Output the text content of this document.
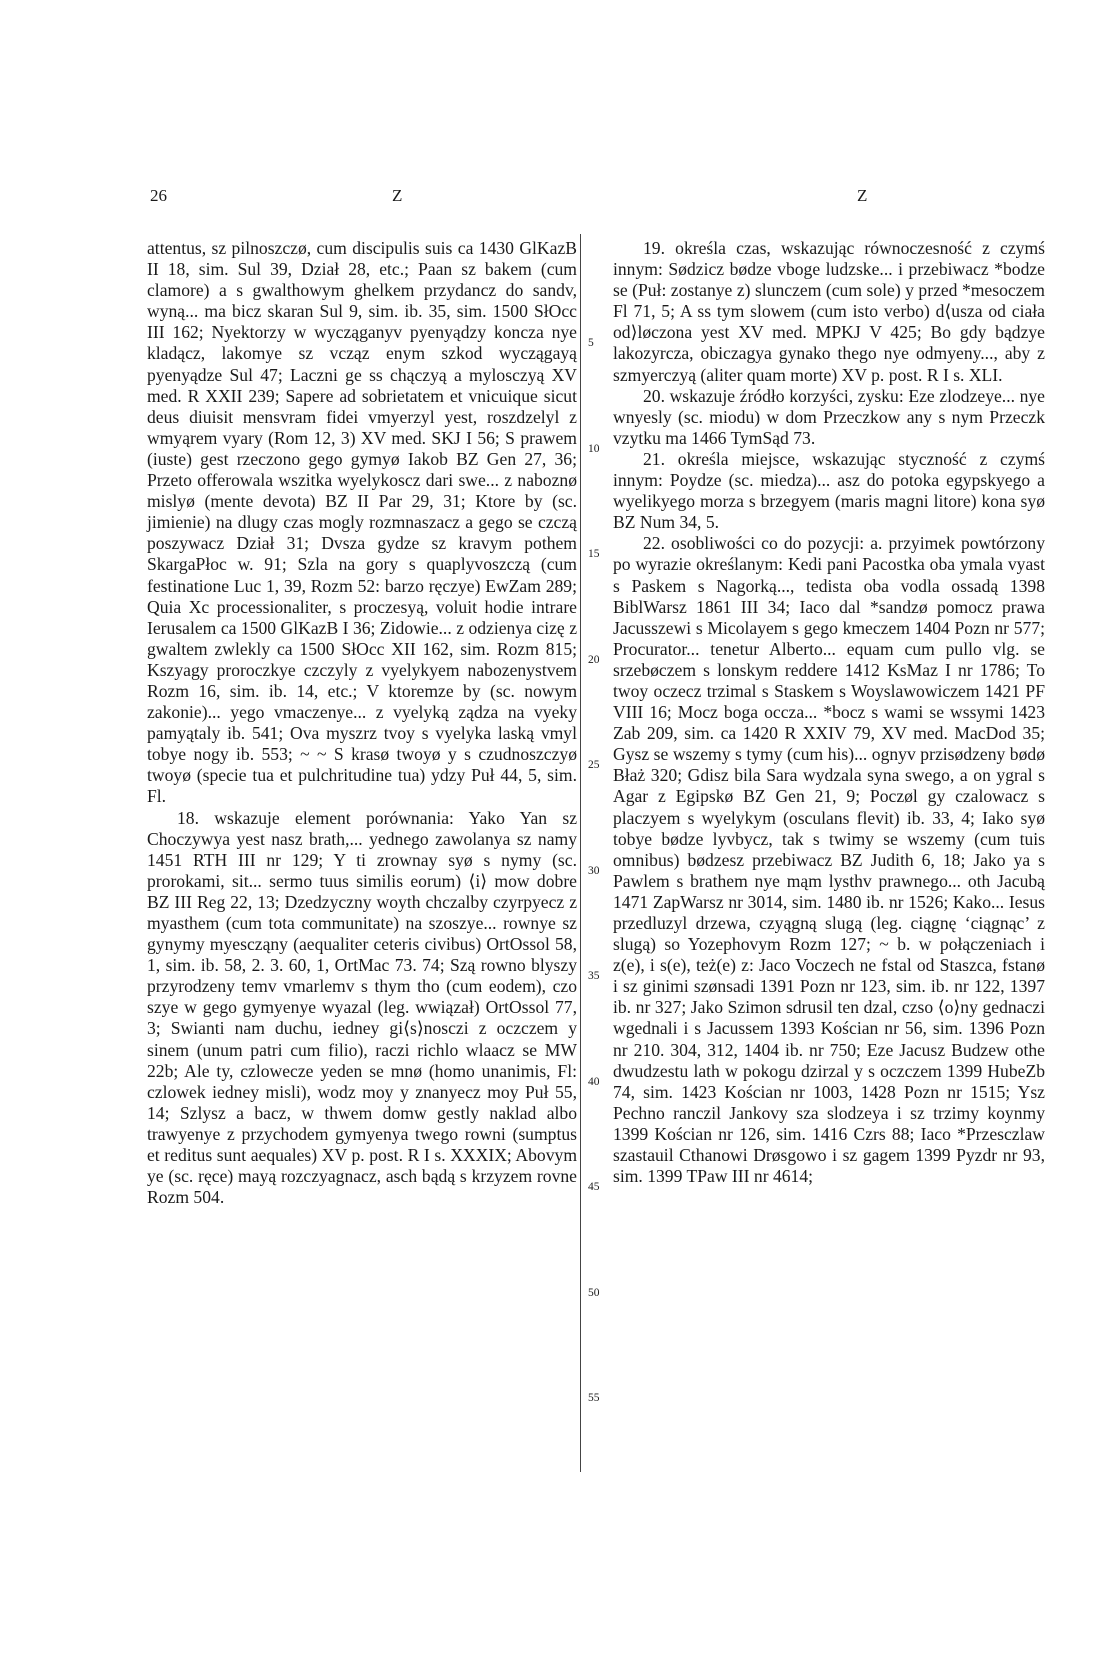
26	Z	Z

attentus, sz pilnoszczø, cum discipulis suis ca 1430 GlKazB II 18, sim. Sul 39, Dział 28, etc.; Paan sz bakem (cum clamore) a s gwalthowym ghelkem przydancz do sandv, wyną... ma bicz skaran Sul 9, sim. ib. 35, sim. 1500 SłOcc III 162; Nyektorzy w wycząganyv pyenyądzy koncza nye kladącz, lakomye sz vcząz enym szkod wyczągayą pyenyądze Sul 47; Laczni ge ss chączyą a mylosczyą XV med. R XXII 239; Sapere ad sobrietatem et vnicuique sicut deus diuisit mensvram fidei vmyerzyl yest, roszdzelyl z wmyąrem vyary (Rom 12, 3) XV med. SKJ I 56; S prawem (iuste) gest rzeczono gego gymyø Iakob BZ Gen 27, 36; Przeto offerowala wszitka wyelykoscz dari swe... z naboznø mislyø (mente devota) BZ II Par 29, 31; Ktore by (sc. jimienie) na dlugy czas mogly rozmnaszacz a gego se czczą poszywacz Dział 31; Dvsza gydze sz kravym pothem SkargaPłoc w. 91; Szla na gory s quaplyvoszczą (cum festinatione Luc 1, 39, Rozm 52: barzo ręczye) EwZam 289; Quia Xc processionaliter, s proczesyą, voluit hodie intrare Ierusalem ca 1500 GlKazB I 36; Zidowie... z odzienya cizę z gwaltem zwlekly ca 1500 SłOcc XII 162, sim. Rozm 815; Kszyagy proroczkye czczyly z vyelykyem nabozenystvem Rozm 16, sim. ib. 14, etc.; V ktoremze by (sc. nowym zakonie)... yego vmaczenye... z vyelyką ządza na vyeky pamyątaly ib. 541; Ova myszrz tvoy s vyelyka laską vmyl tobye nogy ib. 553; ~ ~ S krasø twoyø y s czudnoszczyø twoyø (specie tua et pulchritudine tua) ydzy Puł 44, 5, sim. Fl.

18. wskazuje element porównania: Yako Yan sz Choczywya yest nasz brath,... yednego zawolanya sz namy 1451 RTH III nr 129; Y ti zrownay syø s nymy (sc. prorokami, sit... sermo tuus similis eorum) ⟨i⟩ mow dobre BZ III Reg 22, 13; Dzedzyczny woyth chczalby czyrpyecz z myasthem (cum tota communitate) na szoszye... rownye sz gynymy myescząny (aequaliter ceteris civibus) OrtOssol 58, 1, sim. ib. 58, 2. 3. 60, 1, OrtMac 73. 74; Szą rowno blyszy przyrodzeny temv vmarlemv s thym tho (cum eodem), czo szye w gego gymyenye wyazal (leg. wwiązał) OrtOssol 77, 3; Swianti nam duchu, iedney gi⟨s⟩nosczi z oczczem y sinem (unum patri cum filio), raczi richlo wlaacz se MW 22b; Ale ty, czlowecze yeden se mnø (homo unanimis, Fl: czlowek iedney misli), wodz moy y znanyecz moy Puł 55, 14; Szlysz a bacz, w thwem domw gestly naklad albo trawyenye z przychodem gymyenya twego rowni (sumptus et reditus sunt aequales) XV p. post. R I s. XXXIX; Abovym ye (sc. ręce) mayą rozczyagnacz, asch bądą s krzyzem rovne Rozm 504.

5
10
15
20
25
30
35
40
45
50
55

19. określa czas, wskazując równoczesność z czymś innym: Sødzicz bødze vboge ludzske... i przebiwacz *bodze se (Puł: zostanye z) slunczem (cum sole) y przed *mesoczem Fl 71, 5; A ss tym slowem (cum isto verbo) d⟨usza od ciała od⟩løczona yest XV med. MPKJ V 425; Bo gdy bądzye lakozyrcza, obiczagya gynako thego nye odmyeny..., aby z szmyerczyą (aliter quam morte) XV p. post. R I s. XLI.

20. wskazuje źródło korzyści, zysku: Eze zlodzeye... nye wnyesly (sc. miodu) w dom Przeczkow any s nym Przeczk vzytku ma 1466 TymSąd 73.

21. określa miejsce, wskazując styczność z czymś innym: Poydze (sc. miedza)... asz do potoka egypskyego a wyelikyego morza s brzegyem (maris magni litore) kona syø BZ Num 34, 5.

22. osobliwości co do pozycji: a. przyimek powtórzony po wyrazie określanym: Kedi pani Pacostka oba ymala vyast s Paskem s Nagorką..., tedista oba vodla ossadą 1398 BiblWarsz 1861 III 34; Iaco dal *sandzø pomocz prawa Jacusszewi s Micolayem s gego kmeczem 1404 Pozn nr 577; Procurator... tenetur Alberto... equam cum pullo vlg. se srzebøczem s lonskym reddere 1412 KsMaz I nr 1786; To twoy oczecz trzimal s Staskem s Woyslawowiczem 1421 PF VIII 16; Mocz boga occza... *bocz s wami se wssymi 1423 Zab 209, sim. ca 1420 R XXIV 79, XV med. MacDod 35; Gysz se wszemy s tymy (cum his)... ognyv przisødzeny bødø Błaż 320; Gdisz bila Sara wydzala syna swego, a on ygral s Agar z Egipskø BZ Gen 21, 9; Poczøl gy czalowacz s placzyem s wyelykym (osculans flevit) ib. 33, 4; Iako syø tobye bødze lyvbycz, tak s twimy se wszemy (cum tuis omnibus) bødzesz przebiwacz BZ Judith 6, 18; Jako ya s Pawlem s brathem nye mąm lysthv prawnego... oth Jacubą 1471 ZapWarsz nr 3014, sim. 1480 ib. nr 1526; Kako... Iesus przedluzyl drzewa, czyągną slugą (leg. ciągnę ‘ciągnąc’ z slugą) so Yozephovym Rozm 127; ~ b. w połączeniach i z(e), i s(e), też(e) z: Jaco Voczech ne fstal od Staszca, fstanø i sz ginimi szønsadi 1391 Pozn nr 123, sim. ib. nr 122, 1397 ib. nr 327; Jako Szimon sdrusil ten dzal, czso ⟨o⟩ny gednaczi wgednali i s Jacussem 1393 Kościan nr 56, sim. 1396 Pozn nr 210. 304, 312, 1404 ib. nr 750; Eze Jacusz Budzew othe dwudzestu lath w pokogu dzirzal y s oczczem 1399 HubeZb 74, sim. 1423 Kościan nr 1003, 1428 Pozn nr 1515; Ysz Pechno ranczil Jankovy sza slodzeya i sz trzimy koynmy 1399 Kościan nr 126, sim. 1416 Czrs 88; Iaco *Przesczlaw szastauil Cthanowi Drøsgowo i sz gagem 1399 Pyzdr nr 93, sim. 1399 TPaw III nr 4614;
